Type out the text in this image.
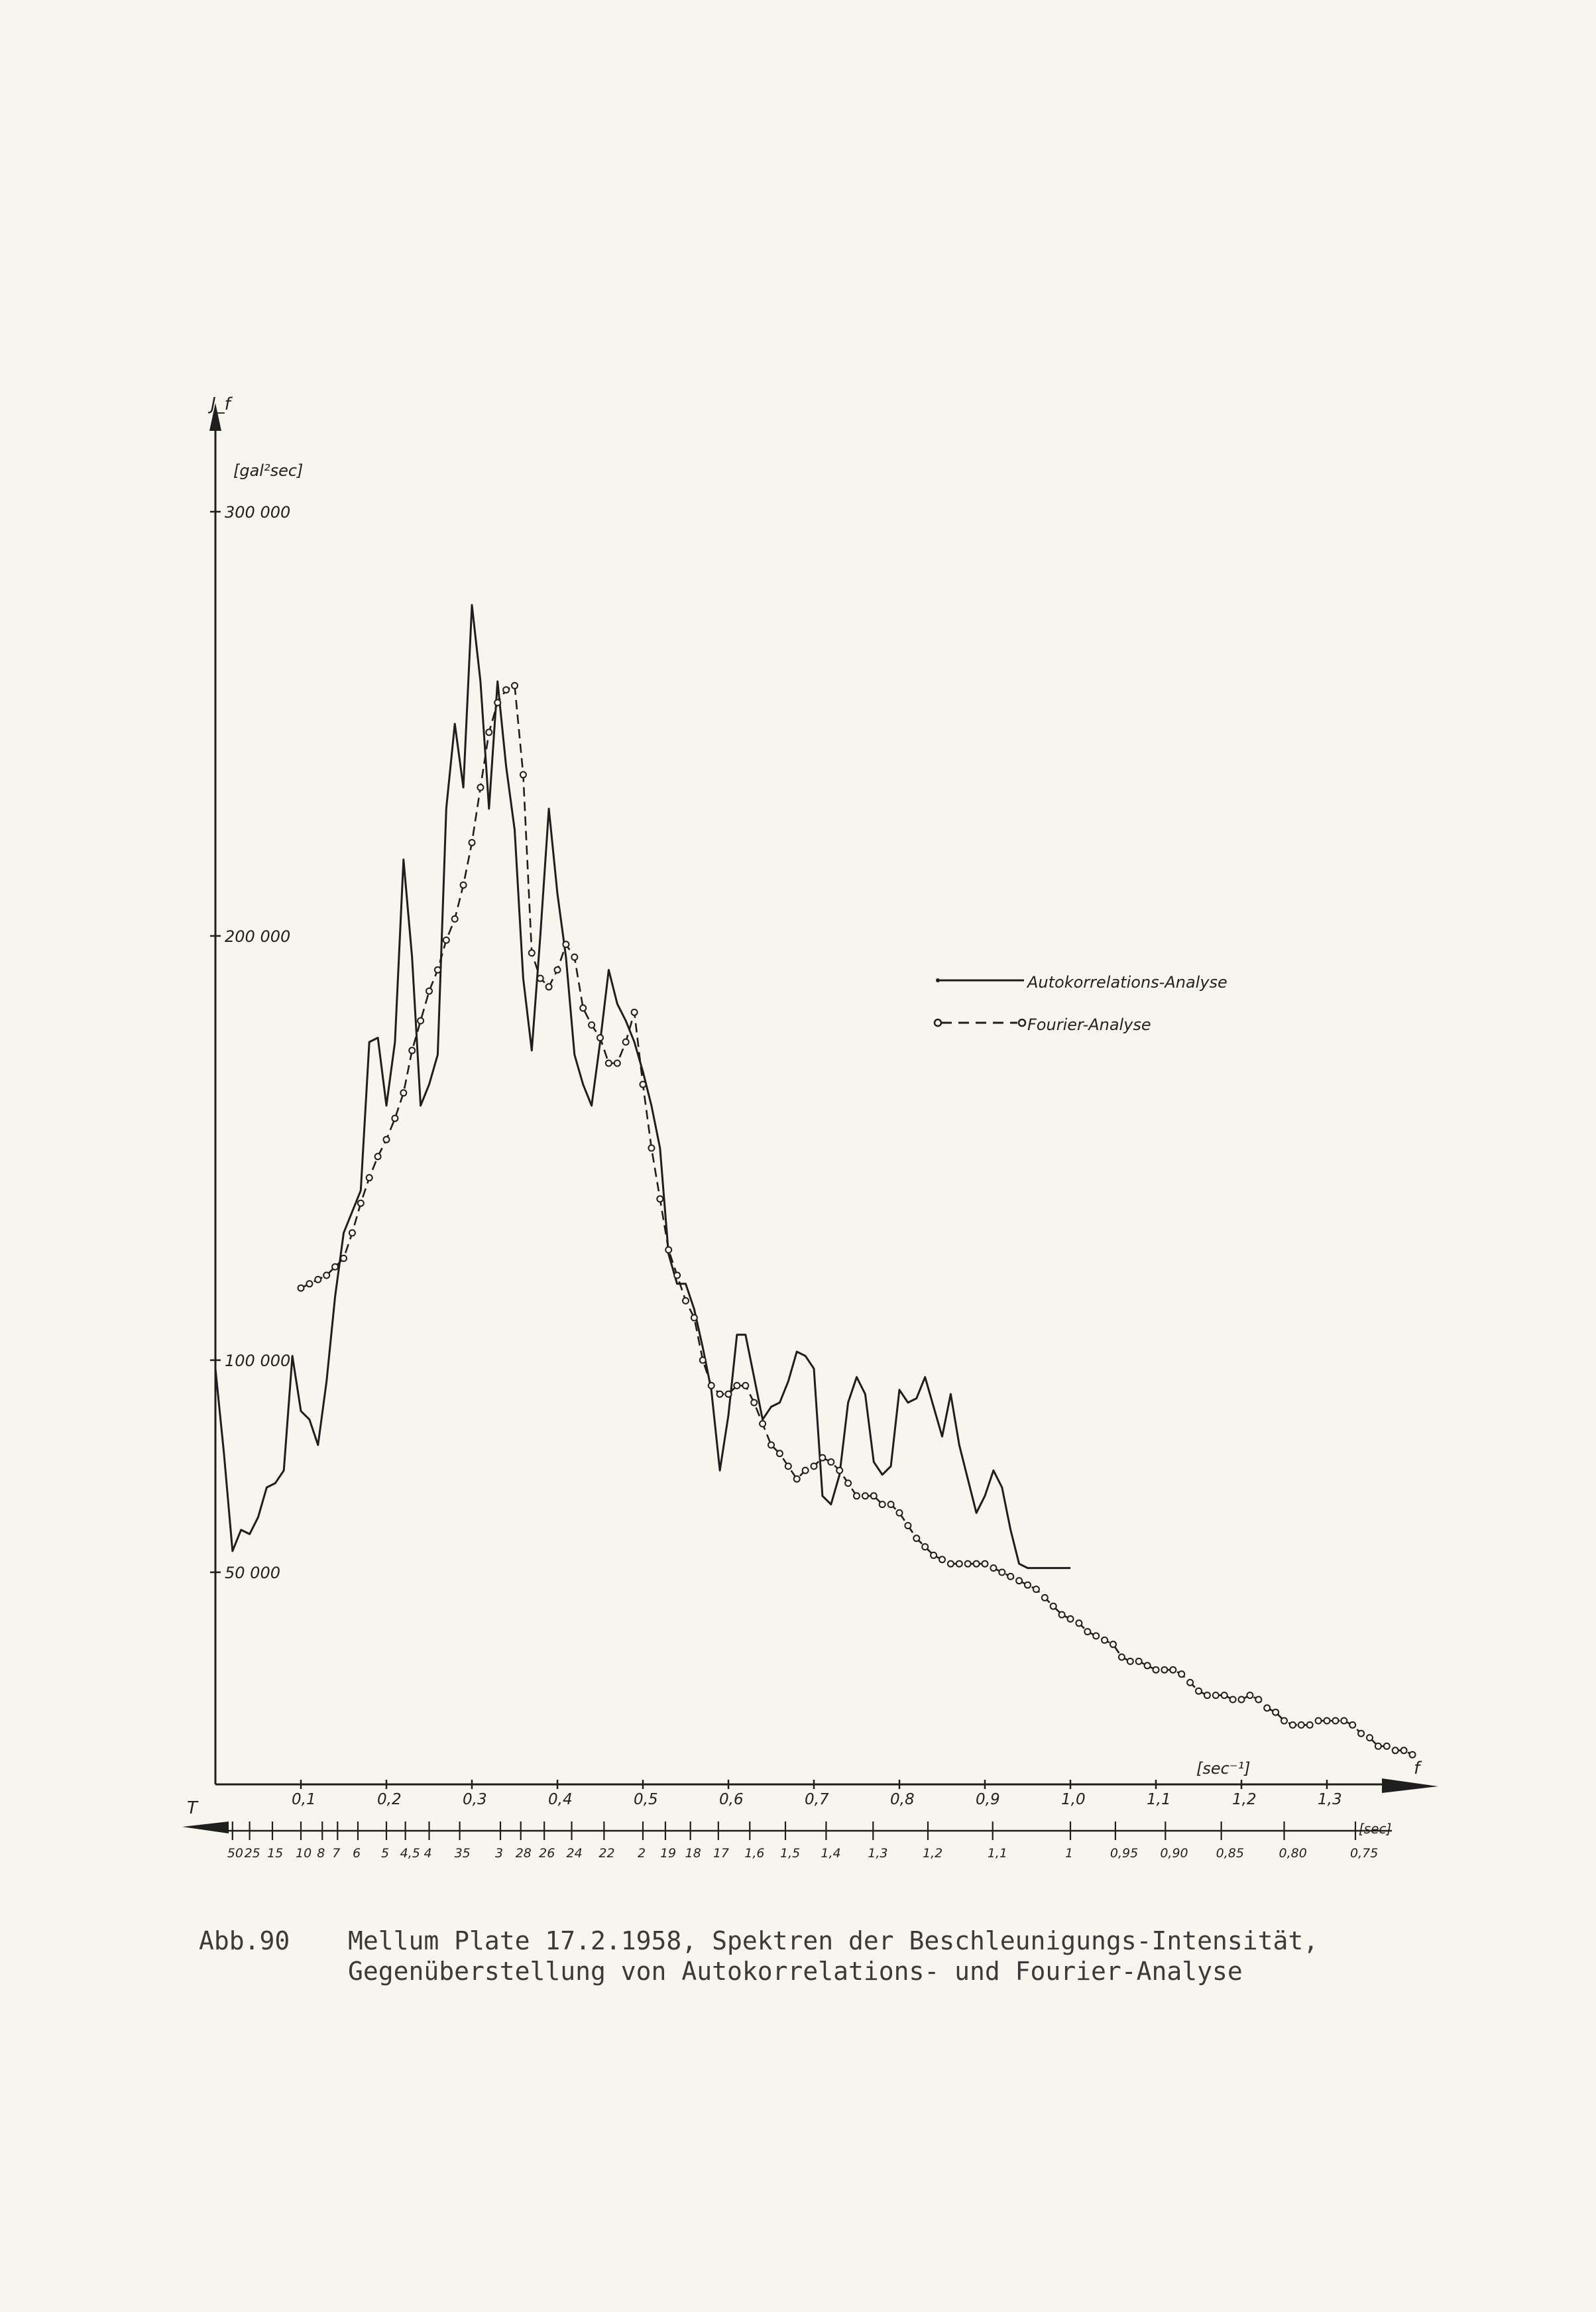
J_f
[gal²sec]
f
[sec⁻¹]
T
[sec]
50 000
100 000
200 000
300 000
0,1	0,2	0,3	0,4	0,5	0,6	0,7	0,8	0,9	1,0	1,1	1,2	1,3
50 25 15 10 8 7 6 5 4,5 4 35 3 28 26 24 22 2 19 18 17 1,6 1,5 1,4 1,3	1,2	1,1	1	0,95 0,90 0,85	0,80	0,75
Autokorrelations-Analyse
Fourier-Analyse
Abb.90 Mellum Plate 17.2.1958, Spektren der Beschleunigungs-Intensität, Gegenüberstellung von Autokorrelations- und Fourier-Analyse
